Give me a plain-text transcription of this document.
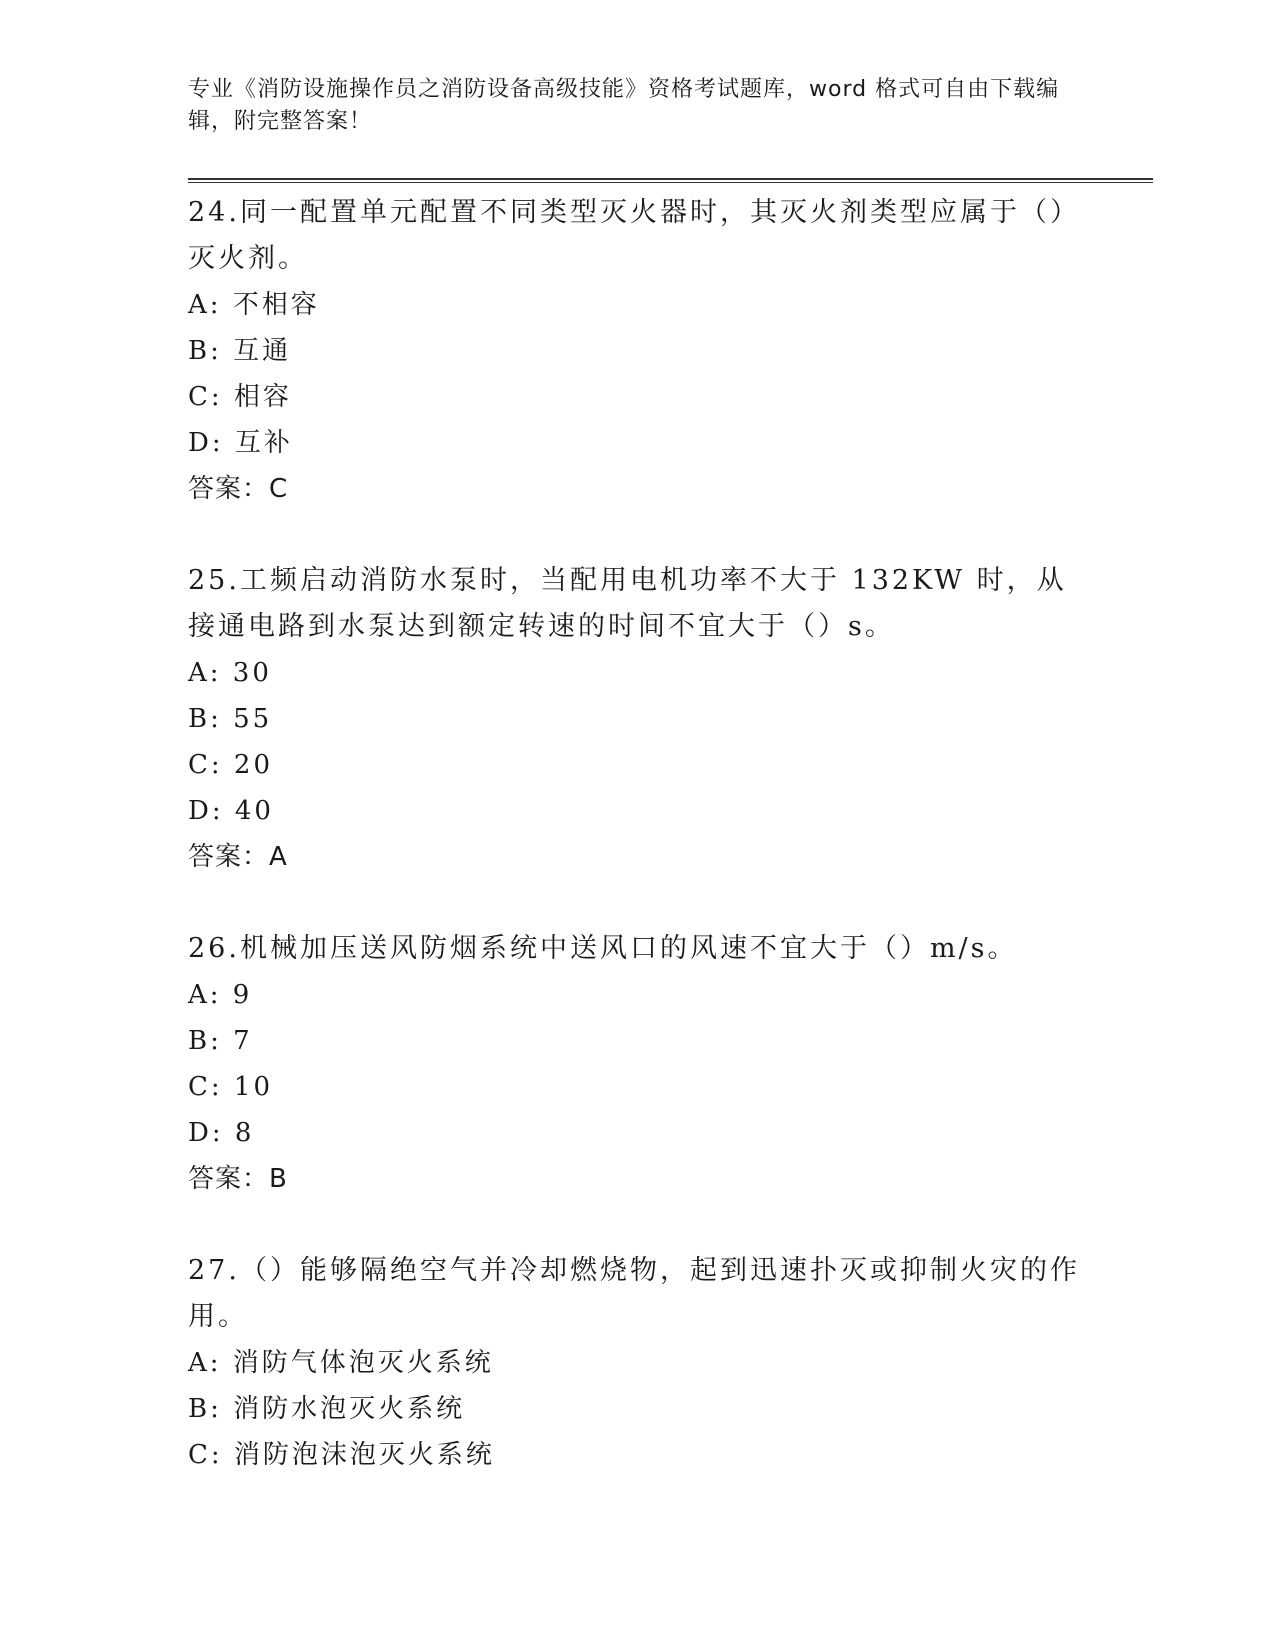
专业《消防设施操作员之消防设备高级技能》资格考试题库，word 格式可自由下载编辑，附完整答案！
24.同一配置单元配置不同类型灭火器时，其灭火剂类型应属于（）灭火剂。
A: 不相容
B: 互通
C: 相容
D: 互补
答案：C
25.工频启动消防水泵时，当配用电机功率不大于 132KW 时，从接通电路到水泵达到额定转速的时间不宜大于（）s。
A: 30
B: 55
C: 20
D: 40
答案：A
26.机械加压送风防烟系统中送风口的风速不宜大于（）m/s。
A: 9
B: 7
C: 10
D: 8
答案：B
27.（）能够隔绝空气并冷却燃烧物，起到迅速扑灭或抑制火灾的作用。
A: 消防气体泡灭火系统
B: 消防水泡灭火系统
C: 消防泡沫泡灭火系统
